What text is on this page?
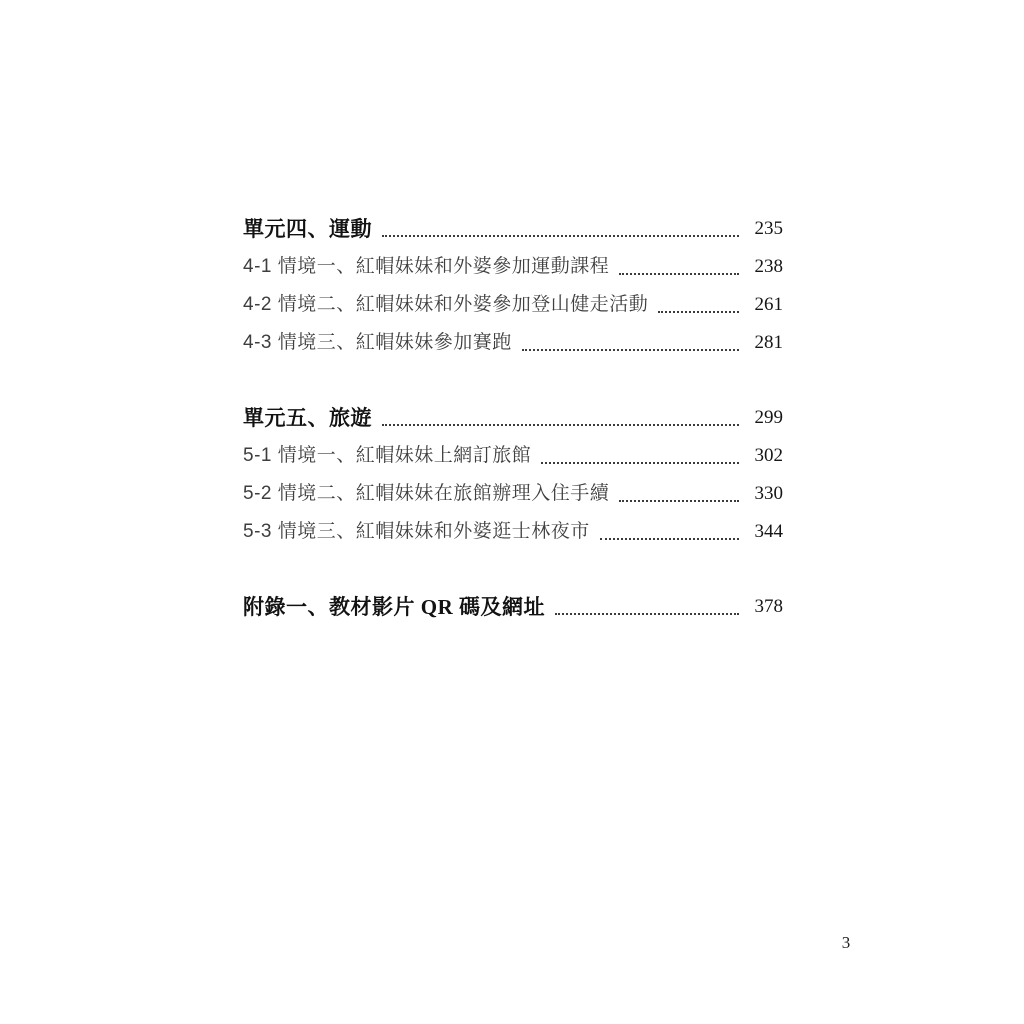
單元四、運動	235
4-1 情境一、紅帽妹妹和外婆參加運動課程	238
4-2 情境二、紅帽妹妹和外婆參加登山健走活動	261
4-3 情境三、紅帽妹妹參加賽跑	281
單元五、旅遊	299
5-1 情境一、紅帽妹妹上網訂旅館	302
5-2 情境二、紅帽妹妹在旅館辦理入住手續	330
5-3 情境三、紅帽妹妹和外婆逛士林夜市	344
附錄一、教材影片 QR 碼及網址	378
3
